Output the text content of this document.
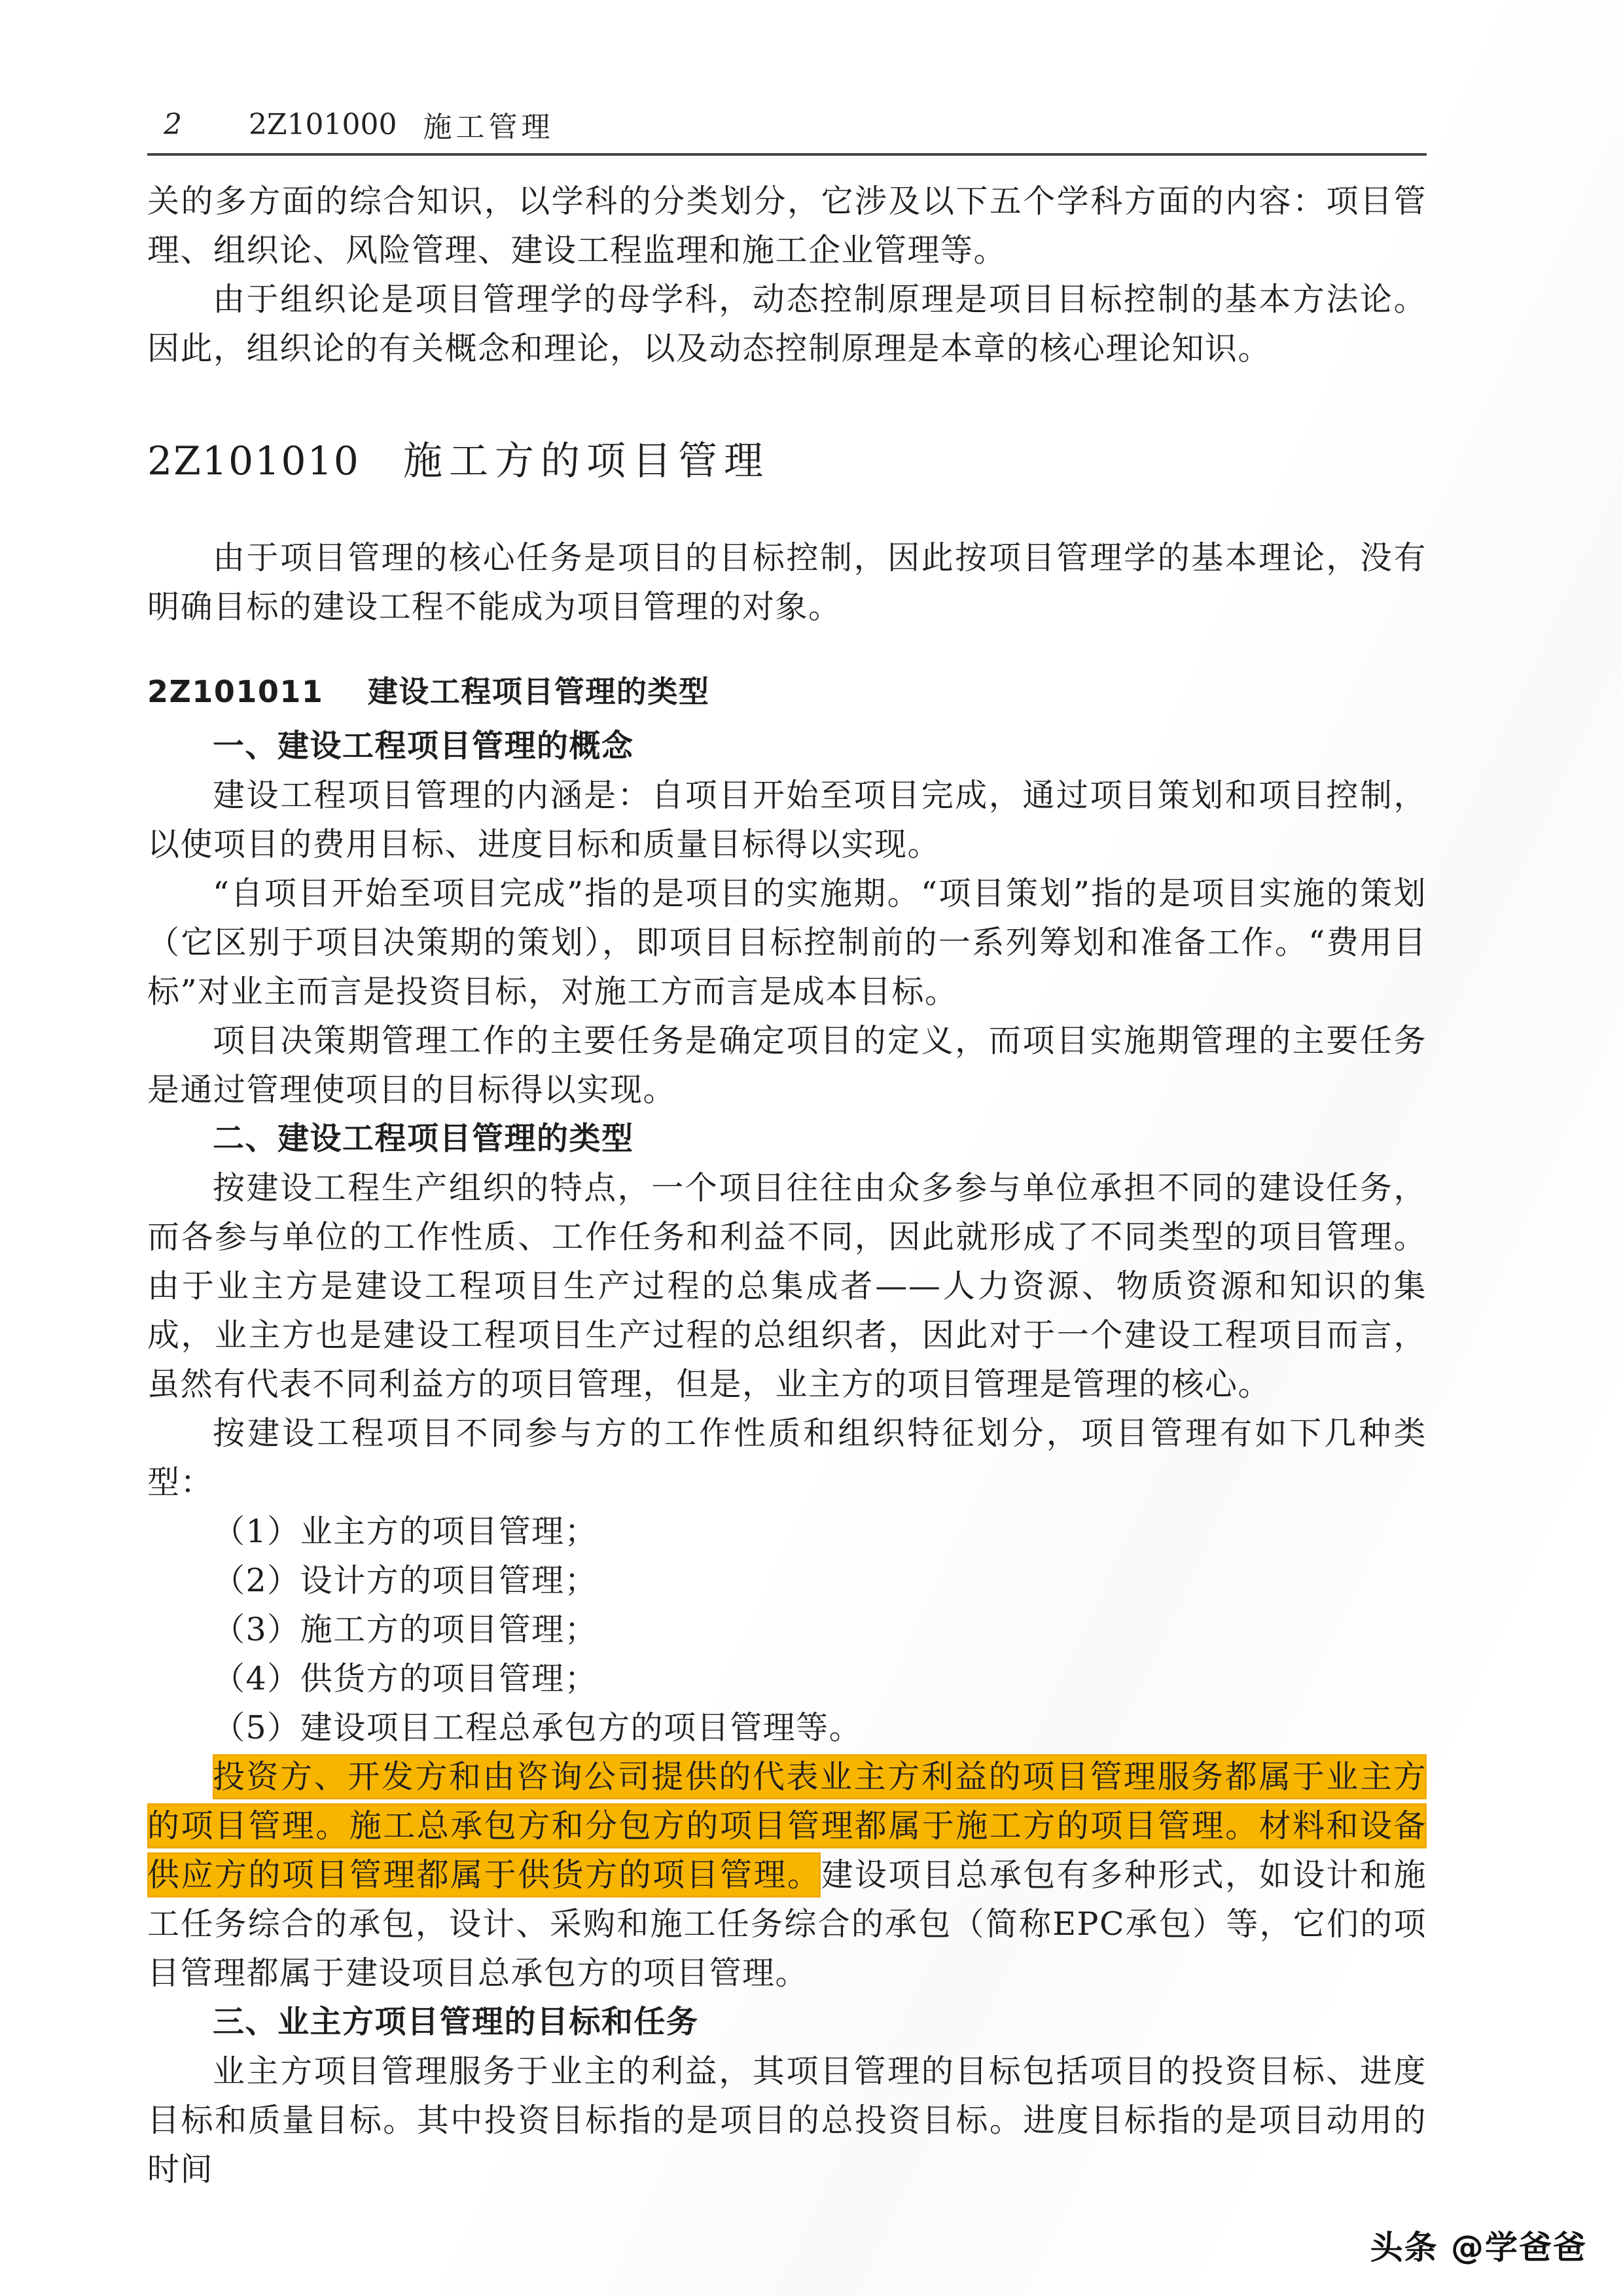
2	2Z101000 施工管理

关的多方面的综合知识，以学科的分类划分，它涉及以下五个学科方面的内容：项目管理、组织论、风险管理、建设工程监理和施工企业管理等。

由于组织论是项目管理学的母学科，动态控制原理是项目目标控制的基本方法论。因此，组织论的有关概念和理论，以及动态控制原理是本章的核心理论知识。

2Z101010 施工方的项目管理

由于项目管理的核心任务是项目的目标控制，因此按项目管理学的基本理论，没有明确目标的建设工程不能成为项目管理的对象。

2Z101011 建设工程项目管理的类型
一、建设工程项目管理的概念

建设工程项目管理的内涵是：自项目开始至项目完成，通过项目策划和项目控制，以使项目的费用目标、进度目标和质量目标得以实现。

“自项目开始至项目完成”指的是项目的实施期。“项目策划”指的是项目实施的策划（它区别于项目决策期的策划），即项目目标控制前的一系列筹划和准备工作。“费用目标”对业主而言是投资目标，对施工方而言是成本目标。

项目决策期管理工作的主要任务是确定项目的定义，而项目实施期管理的主要任务是通过管理使项目的目标得以实现。

二、建设工程项目管理的类型

按建设工程生产组织的特点，一个项目往往由众多参与单位承担不同的建设任务，而各参与单位的工作性质、工作任务和利益不同，因此就形成了不同类型的项目管理。由于业主方是建设工程项目生产过程的总集成者——人力资源、物质资源和知识的集成，业主方也是建设工程项目生产过程的总组织者，因此对于一个建设工程项目而言，虽然有代表不同利益方的项目管理，但是，业主方的项目管理是管理的核心。

按建设工程项目不同参与方的工作性质和组织特征划分，项目管理有如下几种类型：

（1）业主方的项目管理；

（2）设计方的项目管理；

（3）施工方的项目管理；

（4）供货方的项目管理；

（5）建设项目工程总承包方的项目管理等。

投资方、开发方和由咨询公司提供的代表业主方利益的项目管理服务都属于业主方的项目管理。施工总承包方和分包方的项目管理都属于施工方的项目管理。材料和设备供应方的项目管理都属于供货方的项目管理。建设项目总承包有多种形式，如设计和施工任务综合的承包，设计、采购和施工任务综合的承包（简称EPC承包）等，它们的项目管理都属于建设项目总承包方的项目管理。

三、业主方项目管理的目标和任务

业主方项目管理服务于业主的利益，其项目管理的目标包括项目的投资目标、进度目标和质量目标。其中投资目标指的是项目的总投资目标。进度目标指的是项目动用的时间

头条 @学爸爸
